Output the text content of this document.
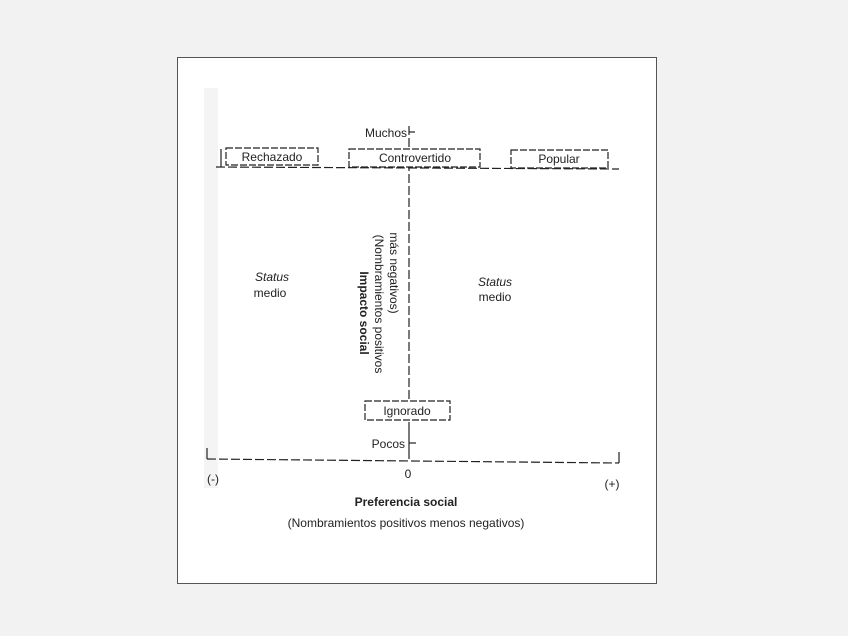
Rechazado	Controvertido	Popular
Ignorado
Muchos
Pocos
Status
medio
Status
medio
Impacto social (Nombramientos positivos más negativos)
0
(-)	(+)
Preferencia social
(Nombramientos positivos menos negativos)
